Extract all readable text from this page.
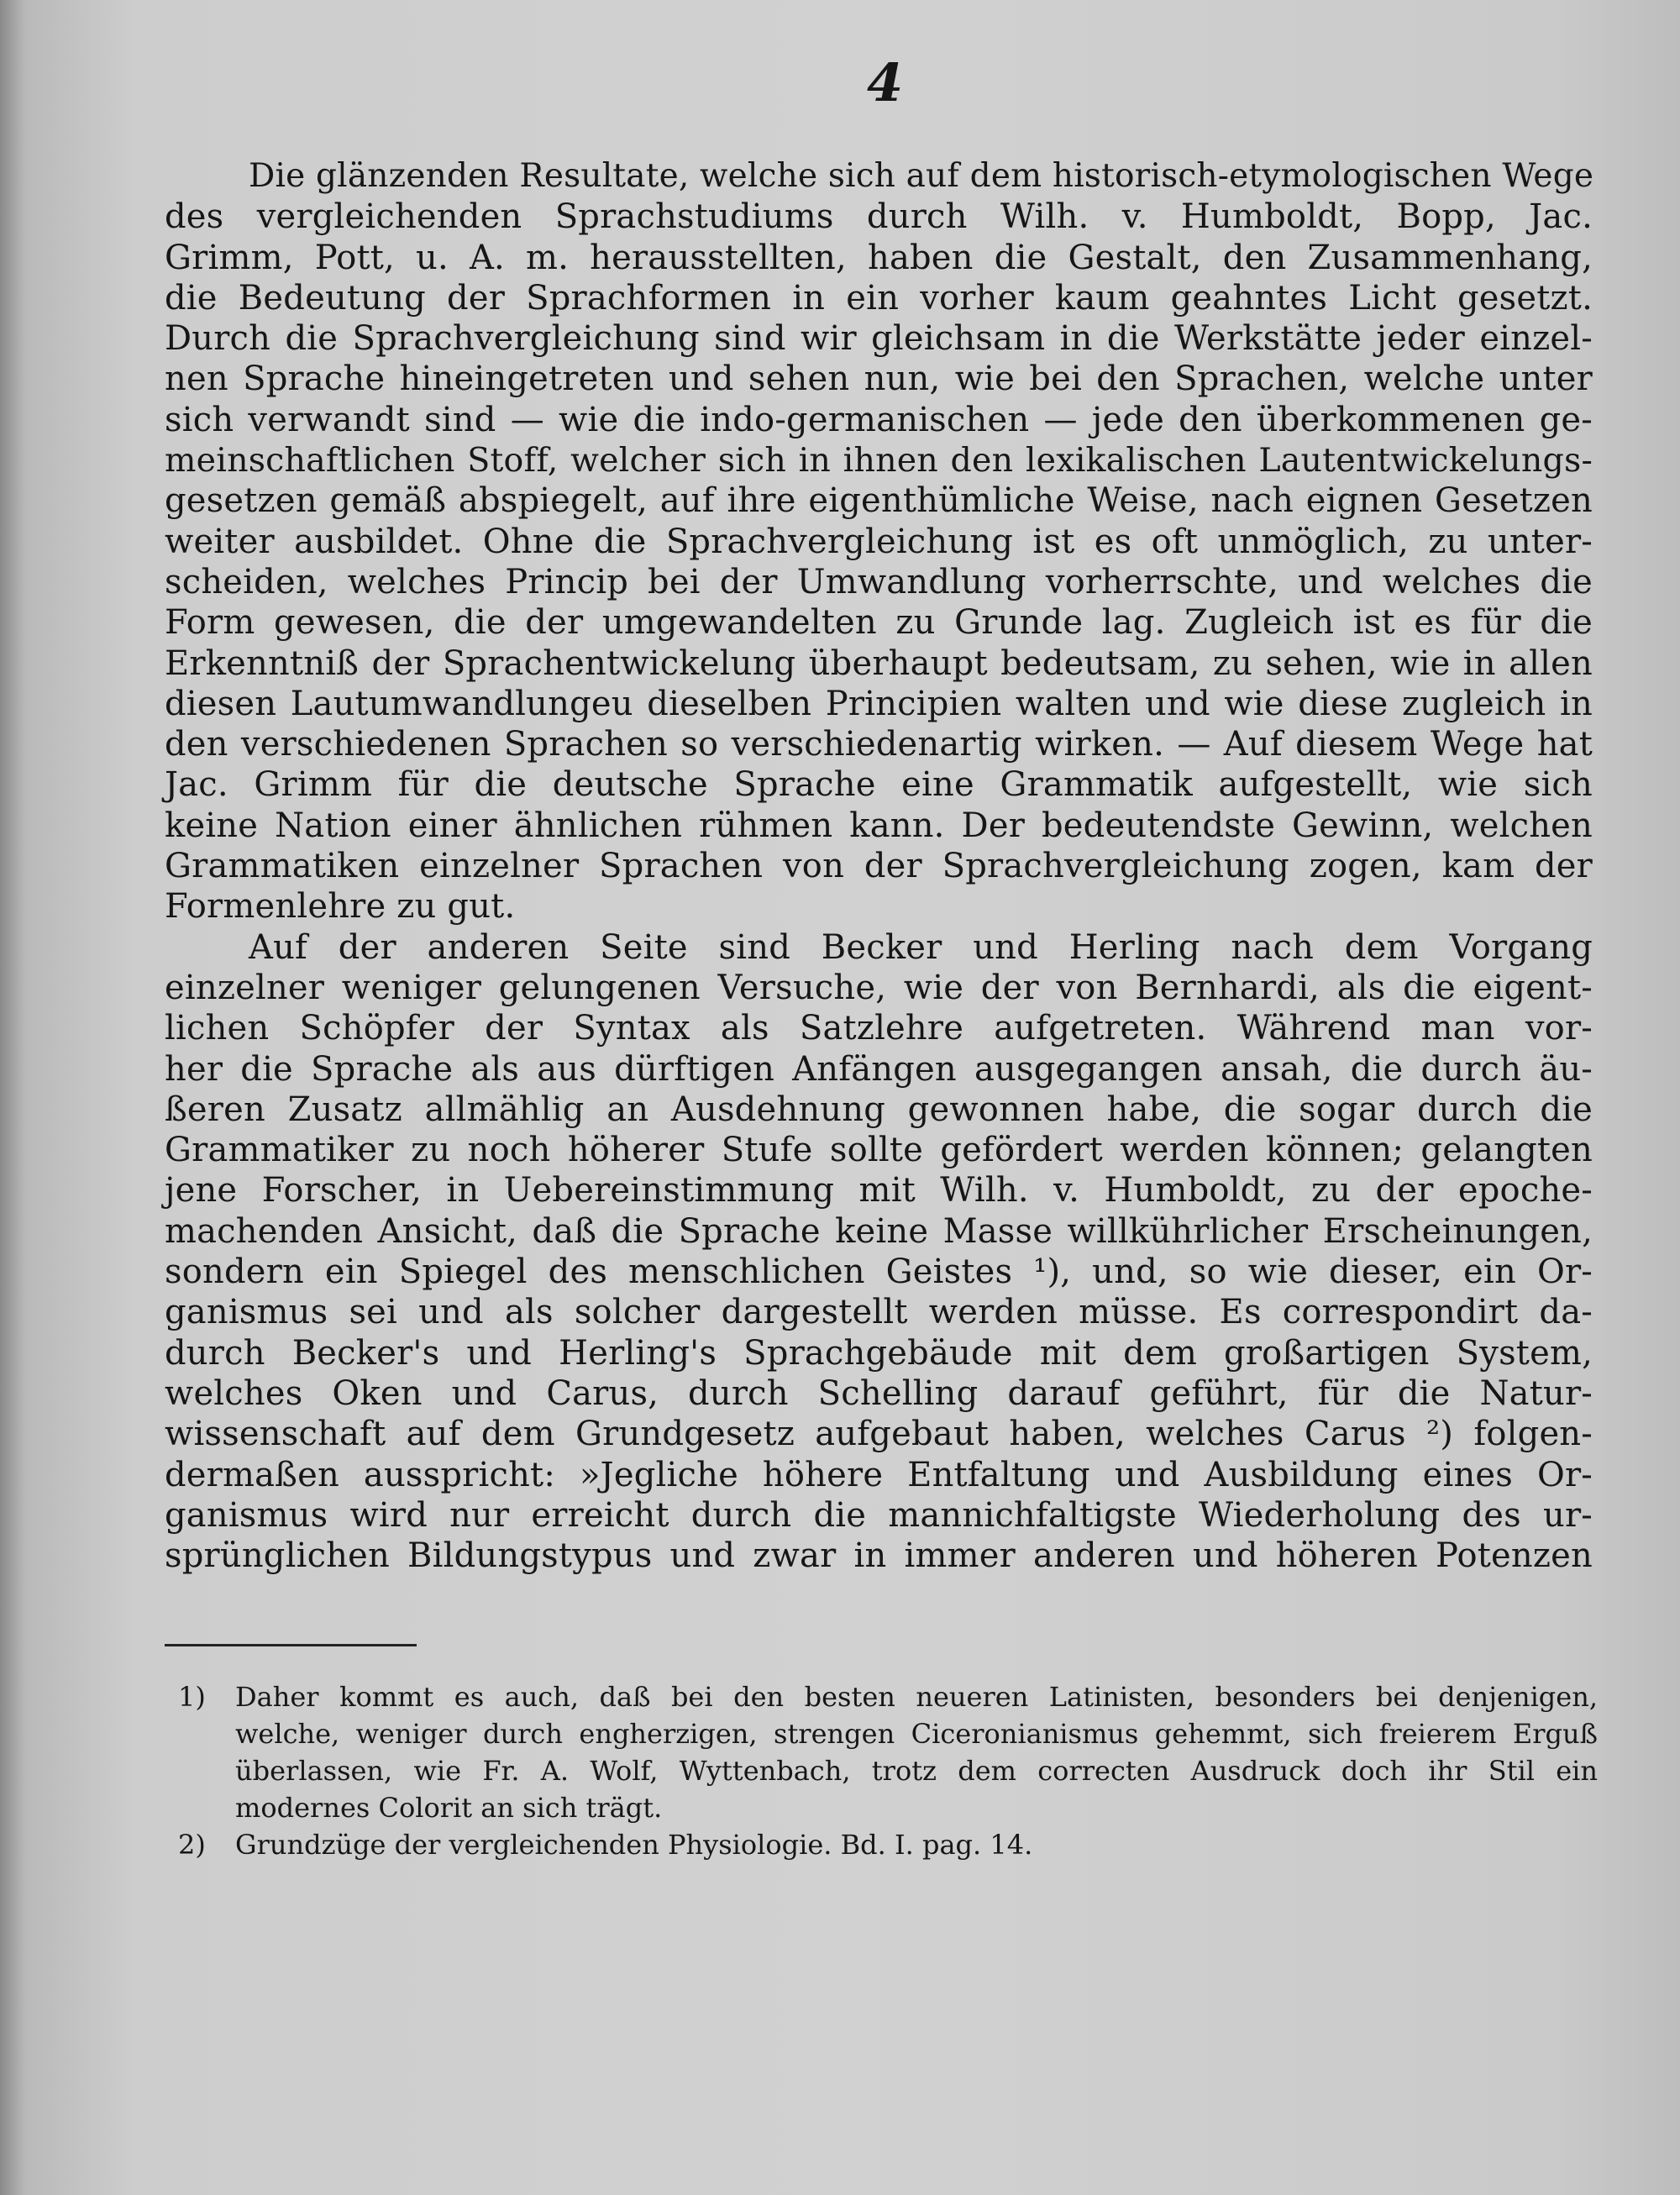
4
Die glänzenden Resultate, welche sich auf dem historisch-etymologischen Wege
des vergleichenden Sprachstudiums durch Wilh. v. Humboldt, Bopp, Jac.
Grimm, Pott, u. A. m. herausstellten, haben die Gestalt, den Zusammenhang,
die Bedeutung der Sprachformen in ein vorher kaum geahntes Licht gesetzt.
Durch die Sprachvergleichung sind wir gleichsam in die Werkstätte jeder einzel-
nen Sprache hineingetreten und sehen nun, wie bei den Sprachen, welche unter
sich verwandt sind — wie die indo-germanischen — jede den überkommenen ge-
meinschaftlichen Stoff, welcher sich in ihnen den lexikalischen Lautentwickelungs-
gesetzen gemäß abspiegelt, auf ihre eigenthümliche Weise, nach eignen Gesetzen
weiter ausbildet. Ohne die Sprachvergleichung ist es oft unmöglich, zu unter-
scheiden, welches Princip bei der Umwandlung vorherrschte, und welches die
Form gewesen, die der umgewandelten zu Grunde lag. Zugleich ist es für die
Erkenntniß der Sprachentwickelung überhaupt bedeutsam, zu sehen, wie in allen
diesen Lautumwandlungeu dieselben Principien walten und wie diese zugleich in
den verschiedenen Sprachen so verschiedenartig wirken. — Auf diesem Wege hat
Jac. Grimm für die deutsche Sprache eine Grammatik aufgestellt, wie sich
keine Nation einer ähnlichen rühmen kann. Der bedeutendste Gewinn, welchen
Grammatiken einzelner Sprachen von der Sprachvergleichung zogen, kam der
Formenlehre zu gut.
Auf der anderen Seite sind Becker und Herling nach dem Vorgang
einzelner weniger gelungenen Versuche, wie der von Bernhardi, als die eigent-
lichen Schöpfer der Syntax als Satzlehre aufgetreten. Während man vor-
her die Sprache als aus dürftigen Anfängen ausgegangen ansah, die durch äu-
ßeren Zusatz allmählig an Ausdehnung gewonnen habe, die sogar durch die
Grammatiker zu noch höherer Stufe sollte gefördert werden können; gelangten
jene Forscher, in Uebereinstimmung mit Wilh. v. Humboldt, zu der epoche-
machenden Ansicht, daß die Sprache keine Masse willkührlicher Erscheinungen,
sondern ein Spiegel des menschlichen Geistes ¹), und, so wie dieser, ein Or-
ganismus sei und als solcher dargestellt werden müsse. Es correspondirt da-
durch Becker's und Herling's Sprachgebäude mit dem großartigen System,
welches Oken und Carus, durch Schelling darauf geführt, für die Natur-
wissenschaft auf dem Grundgesetz aufgebaut haben, welches Carus ²) folgen-
dermaßen ausspricht: »Jegliche höhere Entfaltung und Ausbildung eines Or-
ganismus wird nur erreicht durch die mannichfaltigste Wiederholung des ur-
sprünglichen Bildungstypus und zwar in immer anderen und höheren Potenzen
1) Daher kommt es auch, daß bei den besten neueren Latinisten, besonders bei denjenigen,
welche, weniger durch engherzigen, strengen Ciceronianismus gehemmt, sich freierem Erguß
überlassen, wie Fr. A. Wolf, Wyttenbach, trotz dem correcten Ausdruck doch ihr Stil ein
modernes Colorit an sich trägt.
2) Grundzüge der vergleichenden Physiologie. Bd. I. pag. 14.
